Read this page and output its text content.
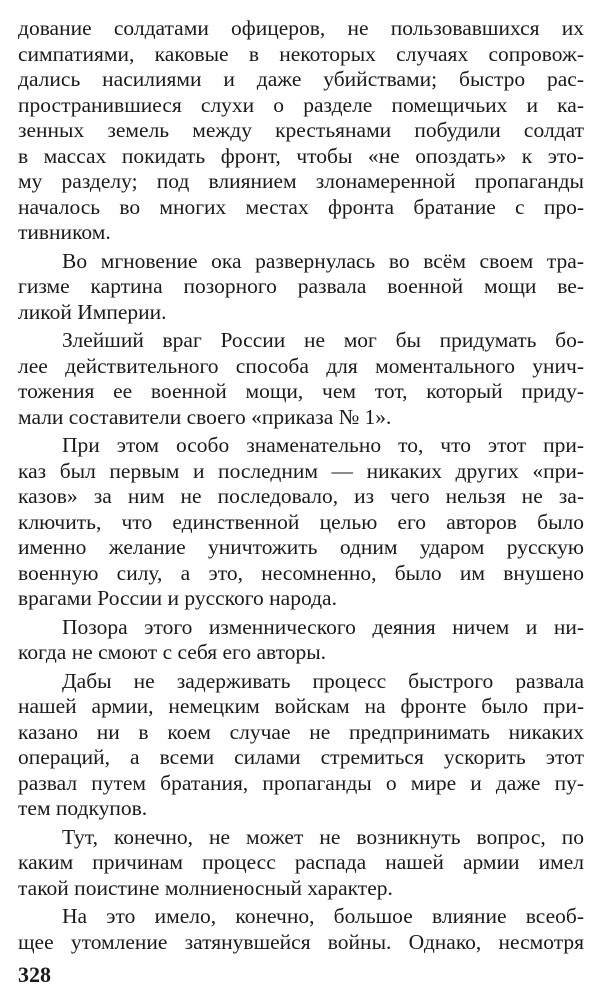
дование солдатами офицеров, не пользовавшихся их
симпатиями, каковые в некоторых случаях сопровож-
дались насилиями и даже убийствами; быстро рас-
пространившиеся слухи о разделе помещичьих и ка-
зенных земель между крестьянами побудили солдат
в массах покидать фронт, чтобы «не опоздать» к это-
му разделу; под влиянием злонамеренной пропаганды
началось во многих местах фронта братание с про-
тивником.
Во мгновение ока развернулась во всём своем тра-
гизме картина позорного развала военной мощи ве-
ликой Империи.
Злейший враг России не мог бы придумать бо-
лее действительного способа для моментального унич-
тожения ее военной мощи, чем тот, который приду-
мали составители своего «приказа № 1».
При этом особо знаменательно то, что этот при-
каз был первым и последним — никаких других «при-
казов» за ним не последовало, из чего нельзя не за-
ключить, что единственной целью его авторов было
именно желание уничтожить одним ударом русскую
военную силу, а это, несомненно, было им внушено
врагами России и русского народа.
Позора этого изменнического деяния ничем и ни-
когда не смоют с себя его авторы.
Дабы не задерживать процесс быстрого развала
нашей армии, немецким войскам на фронте было при-
казано ни в коем случае не предпринимать никаких
операций, а всеми силами стремиться ускорить этот
развал путем братания, пропаганды о мире и даже пу-
тем подкупов.
Тут, конечно, не может не возникнуть вопрос, по
каким причинам процесс распада нашей армии имел
такой поистине молниеносный характер.
На это имело, конечно, большое влияние всеоб-
щее утомление затянувшейся войны. Однако, несмотря
328
